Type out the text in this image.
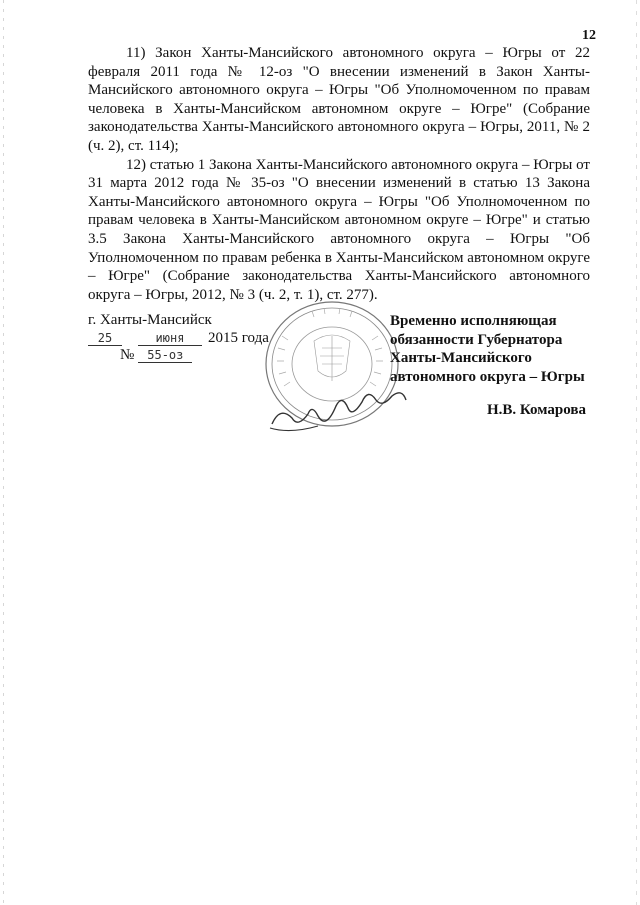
12

11) Закон Ханты-Мансийского автономного округа – Югры от 22 февраля 2011 года № 12-оз "О внесении изменений в Закон Ханты-Мансийского автономного округа – Югры "Об Уполномоченном по правам человека в Ханты-Мансийском автономном округе – Югре" (Собрание законодательства Ханты-Мансийского автономного округа – Югры, 2011, № 2 (ч. 2), ст. 114);

12) статью 1 Закона Ханты-Мансийского автономного округа – Югры от 31 марта 2012 года № 35-оз "О внесении изменений в статью 13 Закона Ханты-Мансийского автономного округа – Югры "Об Уполномоченном по правам человека в Ханты-Мансийском автономном округе – Югре" и статью 3.5 Закона Ханты-Мансийского автономного округа – Югры "Об Уполномоченном по правам ребенка в Ханты-Мансийском автономном округе – Югре" (Собрание законодательства Ханты-Мансийского автономного округа – Югры, 2012, № 3 (ч. 2, т. 1), ст. 277).

г. Ханты-Мансийск
25	июня 2015 года
№ 55-оз
Временно исполняющая
обязанности Губернатора
Ханты-Мансийского
автономного округа – Югры
Н.В. Комарова
